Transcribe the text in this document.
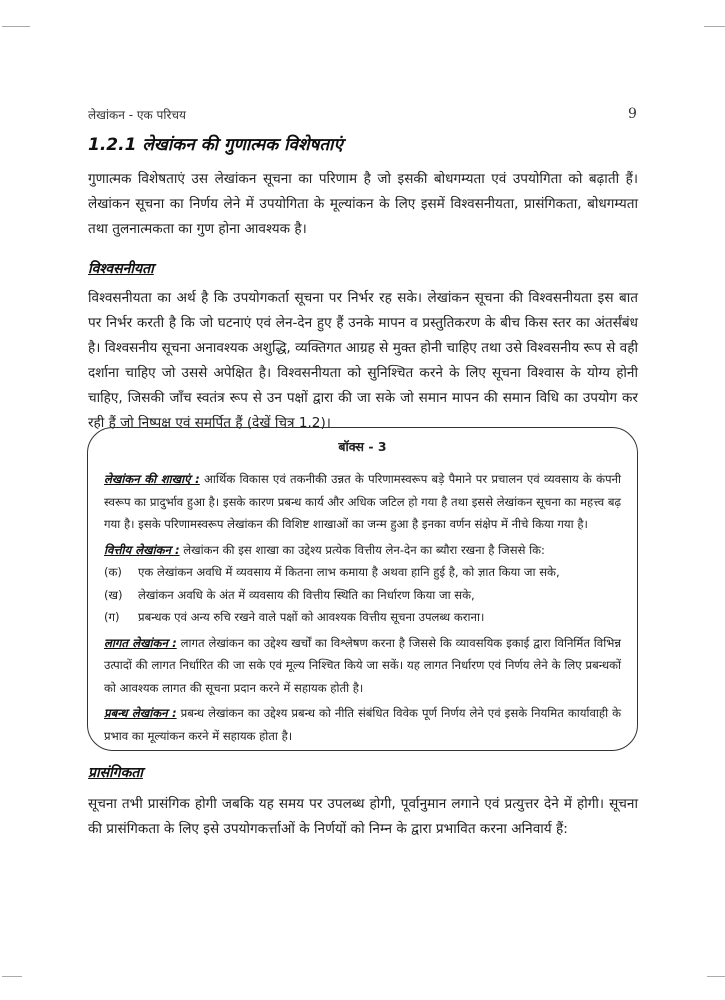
लेखांकन - एक परिचय	9
1.2.1 लेखांकन की गुणात्मक विशेषताएं

गुणात्मक विशेषताएं उस लेखांकन सूचना का परिणाम है जो इसकी बोधगम्यता एवं उपयोगिता को बढ़ाती हैं। लेखांकन सूचना का निर्णय लेने में उपयोगिता के मूल्यांकन के लिए इसमें विश्वसनीयता, प्रासंगिकता, बोधगम्यता तथा तुलनात्मकता का गुण होना आवश्यक है।

विश्वसनीयता

विश्वसनीयता का अर्थ है कि उपयोगकर्ता सूचना पर निर्भर रह सके। लेखांकन सूचना की विश्वसनीयता इस बात पर निर्भर करती है कि जो घटनाएं एवं लेन-देन हुए हैं उनके मापन व प्रस्तुतिकरण के बीच किस स्तर का अंतर्संबंध है। विश्वसनीय सूचना अनावश्यक अशुद्धि, व्यक्तिगत आग्रह से मुक्त होनी चाहिए तथा उसे विश्वसनीय रूप से वही दर्शाना चाहिए जो उससे अपेक्षित है। विश्वसनीयता को सुनिश्चित करने के लिए सूचना विश्वास के योग्य होनी चाहिए, जिसकी जाँच स्वतंत्र रूप से उन पक्षों द्वारा की जा सके जो समान मापन की समान विधि का उपयोग कर रही हैं जो निष्पक्ष एवं समर्पित हैं (देखें चित्र 1.2)।

बॉक्स - 3

लेखांकन की शाखाएं : आर्थिक विकास एवं तकनीकी उन्नत के परिणामस्वरूप बड़े पैमाने पर प्रचालन एवं व्यवसाय के कंपनी स्वरूप का प्रादुर्भाव हुआ है। इसके कारण प्रबन्ध कार्य और अधिक जटिल हो गया है तथा इससे लेखांकन सूचना का महत्त्व बढ़ गया है। इसके परिणामस्वरूप लेखांकन की विशिष्ट शाखाओं का जन्म हुआ है इनका वर्णन संक्षेप में नीचे किया गया है।

वित्तीय लेखांकन : लेखांकन की इस शाखा का उद्देश्य प्रत्येक वित्तीय लेन-देन का ब्यौरा रखना है जिससे कि:

(क)	एक लेखांकन अवधि में व्यवसाय में कितना लाभ कमाया है अथवा हानि हुई है, को ज्ञात किया जा सके,
(ख)	लेखांकन अवधि के अंत में व्यवसाय की वित्तीय स्थिति का निर्धारण किया जा सके,
(ग)	प्रबन्धक एवं अन्य रुचि रखने वाले पक्षों को आवश्यक वित्तीय सूचना उपलब्ध कराना।

लागत लेखांकन : लागत लेखांकन का उद्देश्य खर्चों का विश्लेषण करना है जिससे कि व्यावसयिक इकाई द्वारा विनिर्मित विभिन्न उत्पादों की लागत निर्धारित की जा सके एवं मूल्य निश्चित किये जा सकें। यह लागत निर्धारण एवं निर्णय लेने के लिए प्रबन्धकों को आवश्यक लागत की सूचना प्रदान करने में सहायक होती है।

प्रबन्ध लेखांकन : प्रबन्ध लेखांकन का उद्देश्य प्रबन्ध को नीति संबंधित विवेक पूर्ण निर्णय लेने एवं इसके नियमित कार्यावाही के प्रभाव का मूल्यांकन करने में सहायक होता है।

प्रासंगिकता

सूचना तभी प्रासंगिक होगी जबकि यह समय पर उपलब्ध होगी, पूर्वानुमान लगाने एवं प्रत्युत्तर देने में होगी। सूचना की प्रासंगिकता के लिए इसे उपयोगकर्त्ताओं के निर्णयों को निम्न के द्वारा प्रभावित करना अनिवार्य हैं:
